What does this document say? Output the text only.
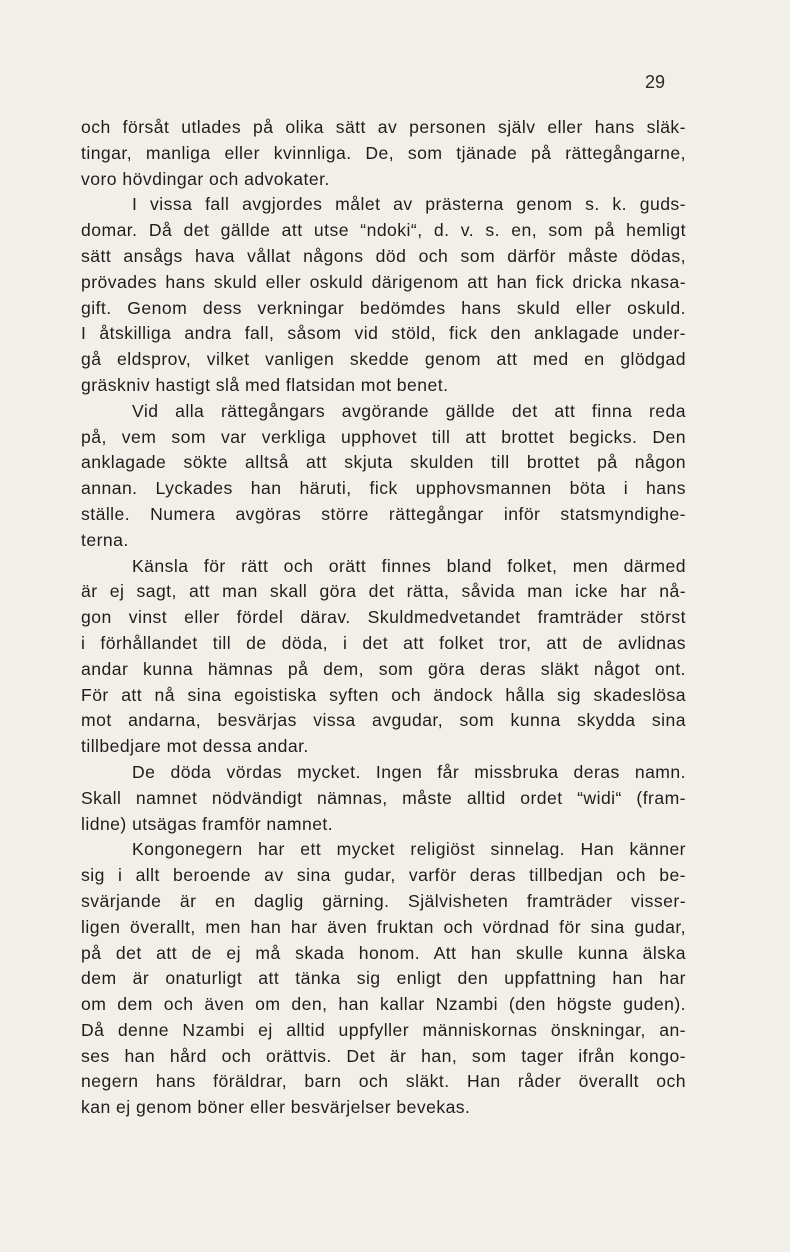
29
och försåt utlades på olika sätt av personen själv eller hans släk-
tingar, manliga eller kvinnliga. De, som tjänade på rättegångarne,
voro hövdingar och advokater.
I vissa fall avgjordes målet av prästerna genom s. k. guds-
domar. Då det gällde att utse “ndoki“, d. v. s. en, som på hemligt
sätt ansågs hava vållat någons död och som därför måste dödas,
prövades hans skuld eller oskuld därigenom att han fick dricka nkasa-
gift. Genom dess verkningar bedömdes hans skuld eller oskuld.
I åtskilliga andra fall, såsom vid stöld, fick den anklagade under-
gå eldsprov, vilket vanligen skedde genom att med en glödgad
gräskniv hastigt slå med flatsidan mot benet.
Vid alla rättegångars avgörande gällde det att finna reda
på, vem som var verkliga upphovet till att brottet begicks. Den
anklagade sökte alltså att skjuta skulden till brottet på någon
annan. Lyckades han häruti, fick upphovsmannen böta i hans
ställe. Numera avgöras större rättegångar inför statsmyndighe-
terna.
Känsla för rätt och orätt finnes bland folket, men därmed
är ej sagt, att man skall göra det rätta, såvida man icke har nå-
gon vinst eller fördel därav. Skuldmedvetandet framträder störst
i förhållandet till de döda, i det att folket tror, att de avlidnas
andar kunna hämnas på dem, som göra deras släkt något ont.
För att nå sina egoistiska syften och ändock hålla sig skadeslösa
mot andarna, besvärjas vissa avgudar, som kunna skydda sina
tillbedjare mot dessa andar.
De döda vördas mycket. Ingen får missbruka deras namn.
Skall namnet nödvändigt nämnas, måste alltid ordet “widi“ (fram-
lidne) utsägas framför namnet.
Kongonegern har ett mycket religiöst sinnelag. Han känner
sig i allt beroende av sina gudar, varför deras tillbedjan och be-
svärjande är en daglig gärning. Självisheten framträder visser-
ligen överallt, men han har även fruktan och vördnad för sina gudar,
på det att de ej må skada honom. Att han skulle kunna älska
dem är onaturligt att tänka sig enligt den uppfattning han har
om dem och även om den, han kallar Nzambi (den högste guden).
Då denne Nzambi ej alltid uppfyller människornas önskningar, an-
ses han hård och orättvis. Det är han, som tager ifrån kongo-
negern hans föräldrar, barn och släkt. Han råder överallt och
kan ej genom böner eller besvärjelser bevekas.
